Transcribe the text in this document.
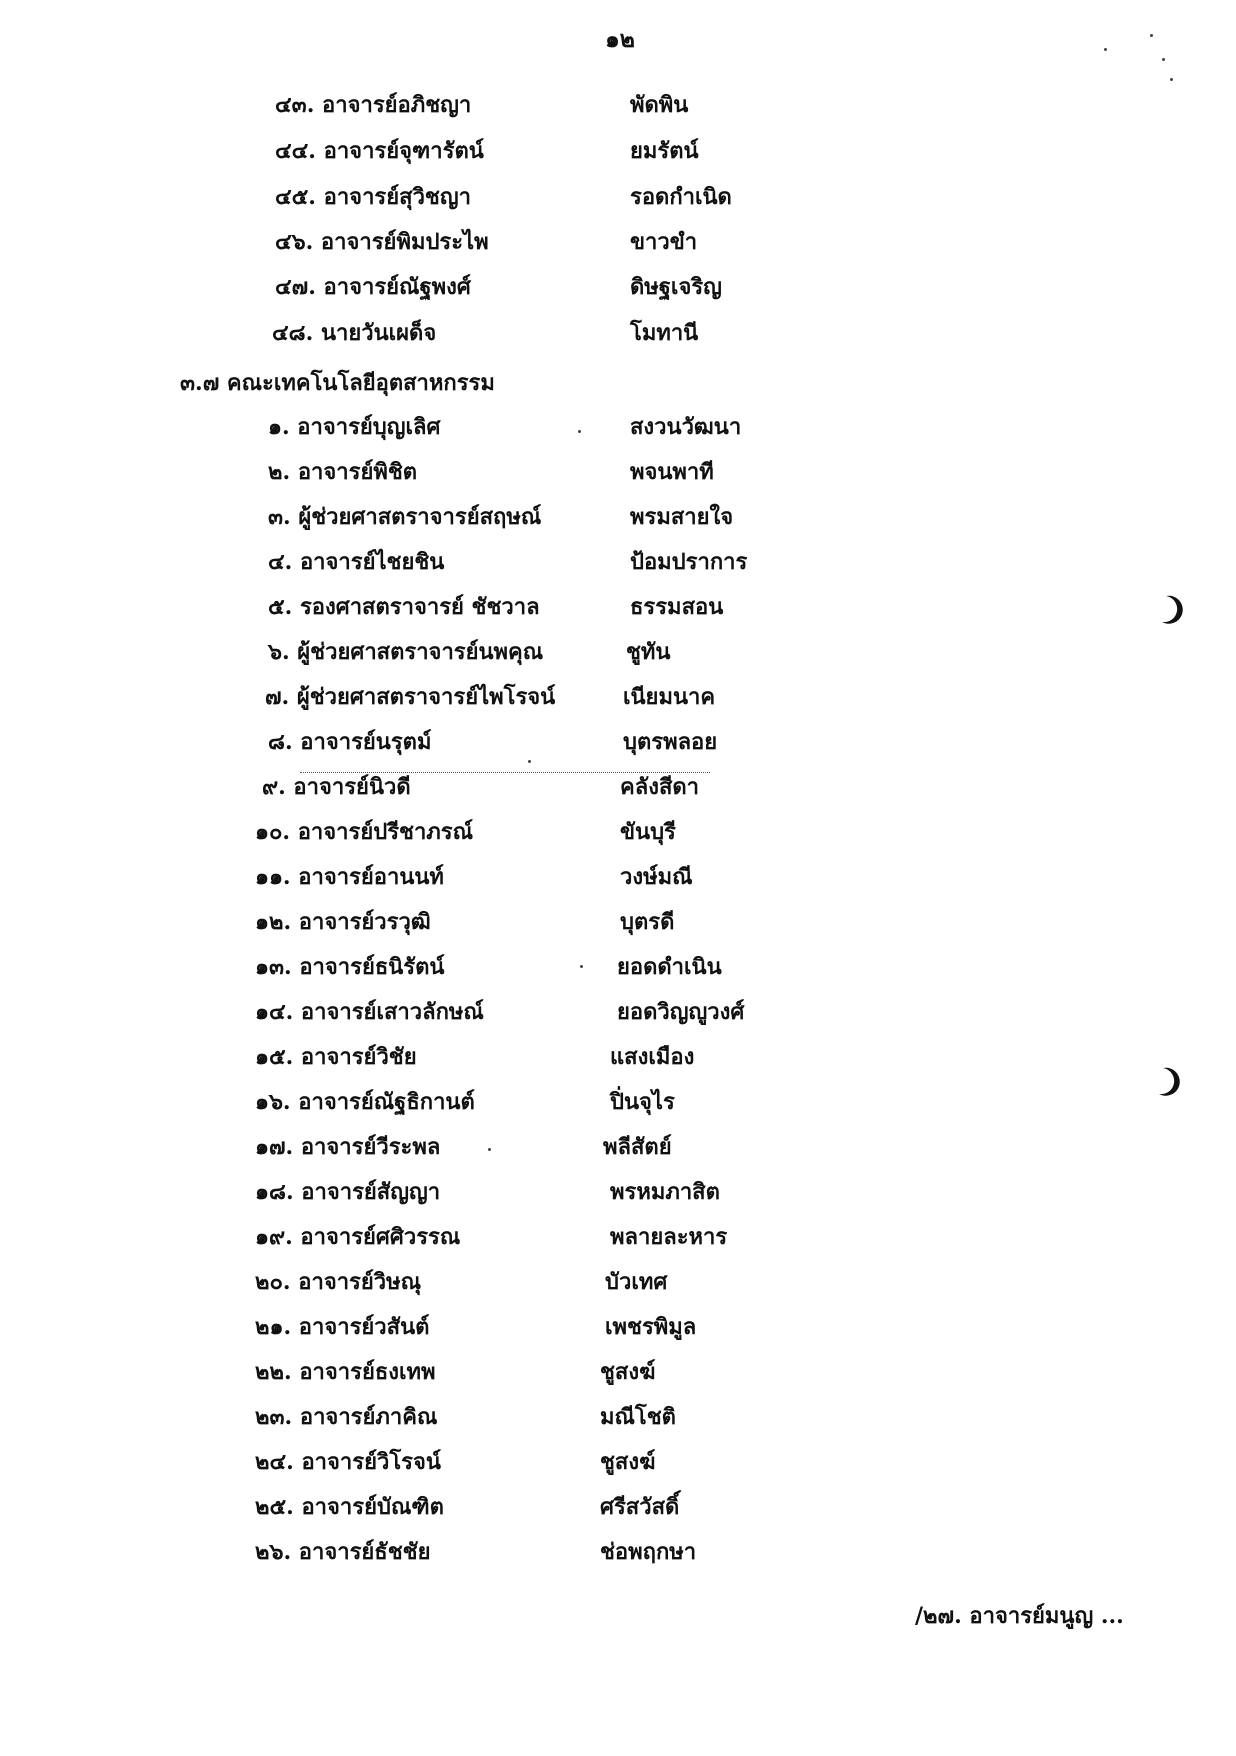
๑๒
๔๓. อาจารย์อภิชญา	พัดพิน
๔๔. อาจารย์จุฑารัตน์	ยมรัตน์
๔๕. อาจารย์สุวิชญา	รอดกำเนิด
๔๖. อาจารย์พิมประไพ	ขาวขำ
๔๗. อาจารย์ณัฐพงศ์	ดิษฐเจริญ
๔๘. นายวันเผด็จ	โมทานี
๓.๗ คณะเทคโนโลยีอุตสาหกรรม
๑. อาจารย์บุญเลิศ	สงวนวัฒนา
๒. อาจารย์พิชิต	พจนพาที
๓. ผู้ช่วยศาสตราจารย์สฤษณ์	พรมสายใจ
๔. อาจารย์ไชยชิน	ป้อมปราการ
๕. รองศาสตราจารย์ ชัชวาล	ธรรมสอน
๖. ผู้ช่วยศาสตราจารย์นพคุณ	ชูทัน
๗. ผู้ช่วยศาสตราจารย์ไพโรจน์	เนียมนาค
๘. อาจารย์นรุตม์	บุตรพลอย
๙. อาจารย์นิวดี	คลังสีดา
๑๐. อาจารย์ปรีชาภรณ์	ขันบุรี
๑๑. อาจารย์อานนท์	วงษ์มณี
๑๒. อาจารย์วรวุฒิ	บุตรดี
๑๓. อาจารย์ธนิรัตน์	ยอดดำเนิน
๑๔. อาจารย์เสาวลักษณ์	ยอดวิญญูวงศ์
๑๕. อาจารย์วิชัย	แสงเมือง
๑๖. อาจารย์ณัฐธิกานต์	ปิ่นจุไร
๑๗. อาจารย์วีระพล	พลีสัตย์
๑๘. อาจารย์สัญญา	พรหมภาสิต
๑๙. อาจารย์ศศิวรรณ	พลายละหาร
๒๐. อาจารย์วิษณุ	บัวเทศ
๒๑. อาจารย์วสันต์	เพชรพิมูล
๒๒. อาจารย์ธงเทพ	ชูสงฆ์
๒๓. อาจารย์ภาคิณ	มณีโชติ
๒๔. อาจารย์วิโรจน์	ชูสงฆ์
๒๕. อาจารย์บัณฑิต	ศรีสวัสดิ์
๒๖. อาจารย์ธัชชัย	ช่อพฤกษา
/๒๗. อาจารย์มนูญ ...
